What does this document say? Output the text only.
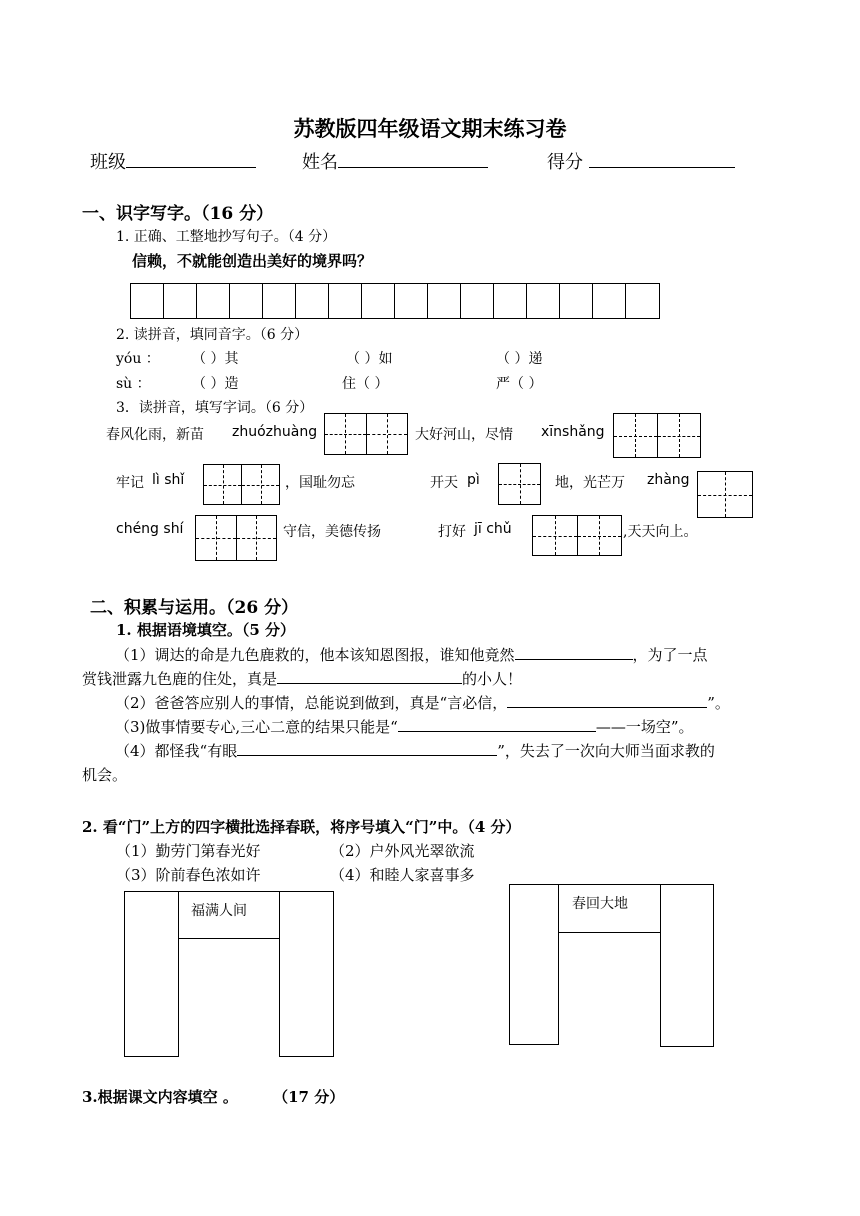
苏教版四年级语文期末练习卷
班级	姓名	得分
一、识字写字。（16 分）
1. 正确、工整地抄写句子。（4 分）
信赖，不就能创造出美好的境界吗？
2. 读拼音，填同音字。（6 分）
yóu ： （ ）其	（ ）如	（ ）递
sù ：	（ ）造	住（ ）	严（ ）
3．读拼音，填写字词。（6 分）
春风化雨，新苗 zhuózhuàng	大好河山，尽情 xīnshǎng
牢记 lì shǐ	，国耻勿忘	开天 pì	地，光芒万 zhàng
chéng shí	守信，美德传扬	打好 jī chǔ	,天天向上。
二、积累与运用。（26 分）
1. 根据语境填空。（5 分）
（1）调达的命是九色鹿救的，他本该知恩图报，谁知他竟然	，为了一点
赏钱泄露九色鹿的住处，真是	的小人！
（2）爸爸答应别人的事情，总能说到做到，真是“言必信，	”。
（3)做事情要专心,三心二意的结果只能是“	——一场空”。
（4）都怪我“有眼	”，失去了一次向大师当面求教的
机会。
2. 看“门”上方的四字横批选择春联，将序号填入“门”中。（4 分）
（1）勤劳门第春光好	（2）户外风光翠欲流
（3）阶前春色浓如许	（4）和睦人家喜事多
福满人间	春回大地
3.根据课文内容填空 。 （17 分）
